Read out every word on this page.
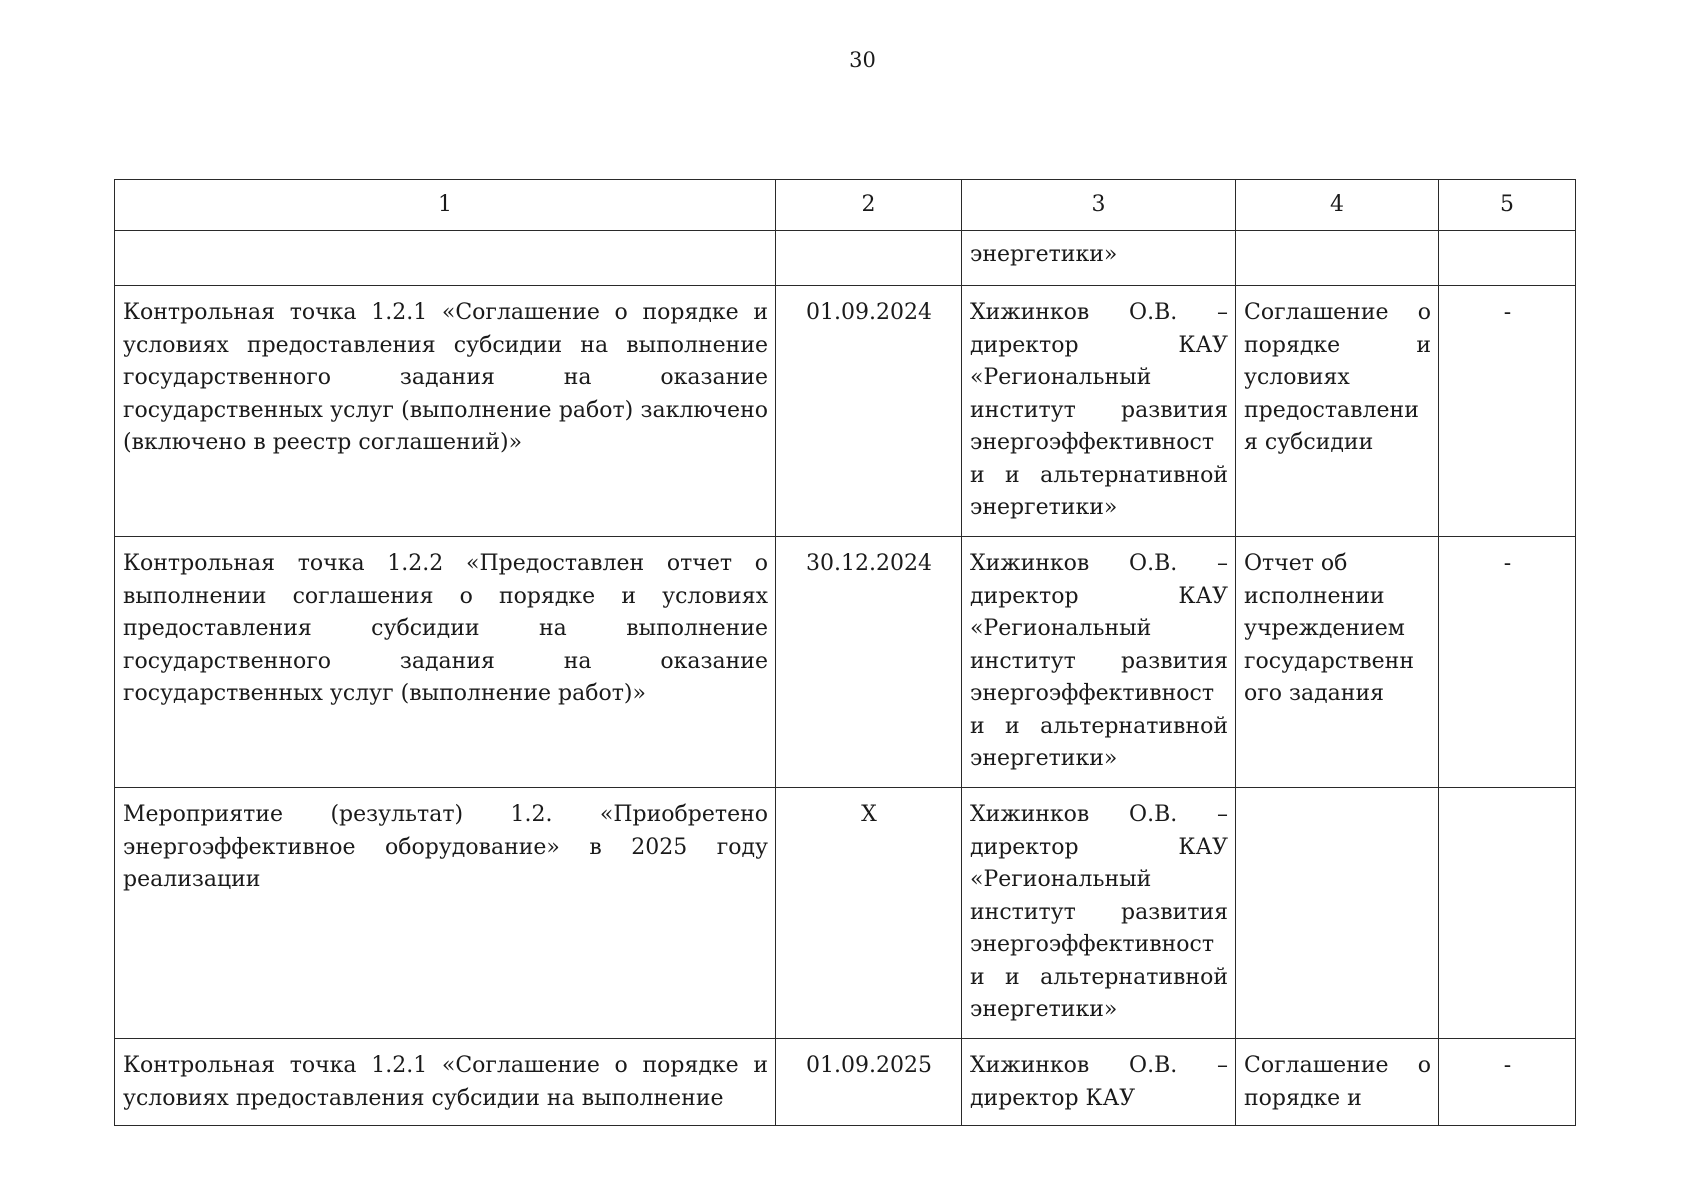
30
1	2	3	4	5
		энергетики»		
Контрольная точка 1.2.1 «Соглашение о порядке и условиях предоставления субсидии на выполнение государственного задания на оказание государственных услуг (выполнение работ) заключено (включено в реестр соглашений)»	01.09.2024	Хижинков О.В. – директор КАУ «Региональный институт развития энергоэффективност и и альтернативной энергетики»	Соглашение о порядке и условиях предоставлени я субсидии	-
Контрольная точка 1.2.2 «Предоставлен отчет о выполнении соглашения о порядке и условиях предоставления субсидии на выполнение государственного задания на оказание государственных услуг (выполнение работ)»	30.12.2024	Хижинков О.В. – директор КАУ «Региональный институт развития энергоэффективност и и альтернативной энергетики»	Отчет об исполнении учреждением государственн ого задания	-
Мероприятие (результат) 1.2. «Приобретено энергоэффективное оборудование» в 2025 году реализации	X	Хижинков О.В. – директор КАУ «Региональный институт развития энергоэффективност и и альтернативной энергетики»		
Контрольная точка 1.2.1 «Соглашение о порядке и условиях предоставления субсидии на выполнение	01.09.2025	Хижинков О.В. – директор КАУ	Соглашение о порядке и	-
